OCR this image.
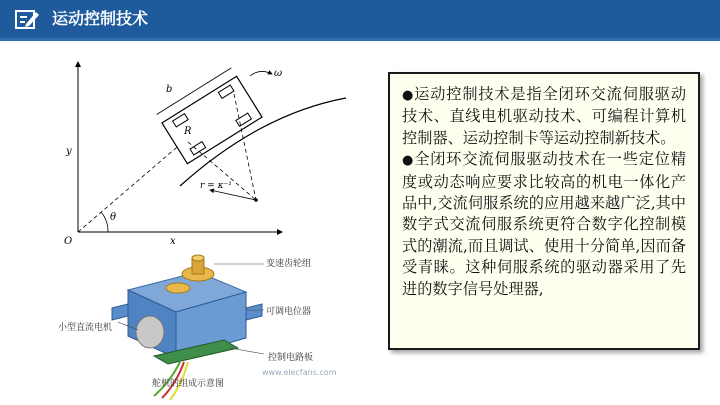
运动控制技术
O	x
y
θ
b
R
r = κ⁻¹
ω
变速齿轮组
可调电位器
小型直流电机
控制电路板
舵机的组成示意图
www.elecfans.com

●运动控制技术是指全闭环交流伺服驱动技术、直线电机驱动技术、可编程计算机控制器、运动控制卡等运动控制新技术。

●全闭环交流伺服驱动技术在一些定位精度或动态响应要求比较高的机电一体化产品中,交流伺服系统的应用越来越广泛,其中数字式交流伺服系统更符合数字化控制模式的潮流,而且调试、使用十分简单,因而备受青睐。这种伺服系统的驱动器采用了先进的数字信号处理器,
